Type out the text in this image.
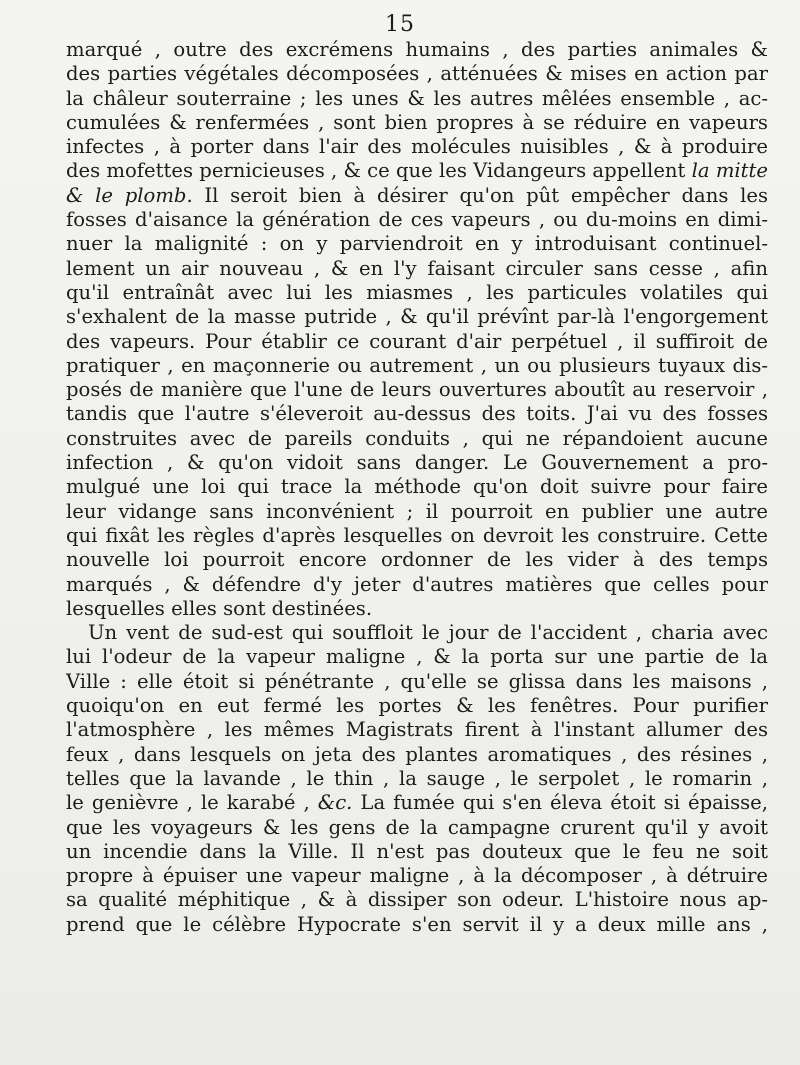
15

marqué , outre des excrémens humains , des parties animales &
des parties végétales décomposées , atténuées & mises en action par
la châleur souterraine ; les unes & les autres mêlées ensemble , ac-
cumulées & renfermées , sont bien propres à se réduire en vapeurs
infectes , à porter dans l'air des molécules nuisibles , & à produire
des mofettes pernicieuses , & ce que les Vidangeurs appellent la mitte
& le plomb. Il seroit bien à désirer qu'on pût empêcher dans les
fosses d'aisance la génération de ces vapeurs , ou du-moins en dimi-
nuer la malignité : on y parviendroit en y introduisant continuel-
lement un air nouveau , & en l'y faisant circuler sans cesse , afin
qu'il entraînât avec lui les miasmes , les particules volatiles qui
s'exhalent de la masse putride , & qu'il prévînt par-là l'engorgement
des vapeurs. Pour établir ce courant d'air perpétuel , il suffiroit de
pratiquer , en maçonnerie ou autrement , un ou plusieurs tuyaux dis-
posés de manière que l'une de leurs ouvertures aboutît au reservoir ,
tandis que l'autre s'éleveroit au-dessus des toits. J'ai vu des fosses
construites avec de pareils conduits , qui ne répandoient aucune
infection , & qu'on vidoit sans danger. Le Gouvernement a pro-
mulgué une loi qui trace la méthode qu'on doit suivre pour faire
leur vidange sans inconvénient ; il pourroit en publier une autre
qui fixât les règles d'après lesquelles on devroit les construire. Cette
nouvelle loi pourroit encore ordonner de les vider à des temps
marqués , & défendre d'y jeter d'autres matières que celles pour
lesquelles elles sont destinées.

Un vent de sud-est qui souffloit le jour de l'accident , charia avec
lui l'odeur de la vapeur maligne , & la porta sur une partie de la
Ville : elle étoit si pénétrante , qu'elle se glissa dans les maisons ,
quoiqu'on en eut fermé les portes & les fenêtres. Pour purifier
l'atmosphère , les mêmes Magistrats firent à l'instant allumer des
feux , dans lesquels on jeta des plantes aromatiques , des résines ,
telles que la lavande , le thin , la sauge , le serpolet , le romarin ,
le genièvre , le karabé , &c. La fumée qui s'en éleva étoit si épaisse,
que les voyageurs & les gens de la campagne crurent qu'il y avoit
un incendie dans la Ville. Il n'est pas douteux que le feu ne soit
propre à épuiser une vapeur maligne , à la décomposer , à détruire
sa qualité méphitique , & à dissiper son odeur. L'histoire nous ap-
prend que le célèbre Hypocrate s'en servit il y a deux mille ans ,
